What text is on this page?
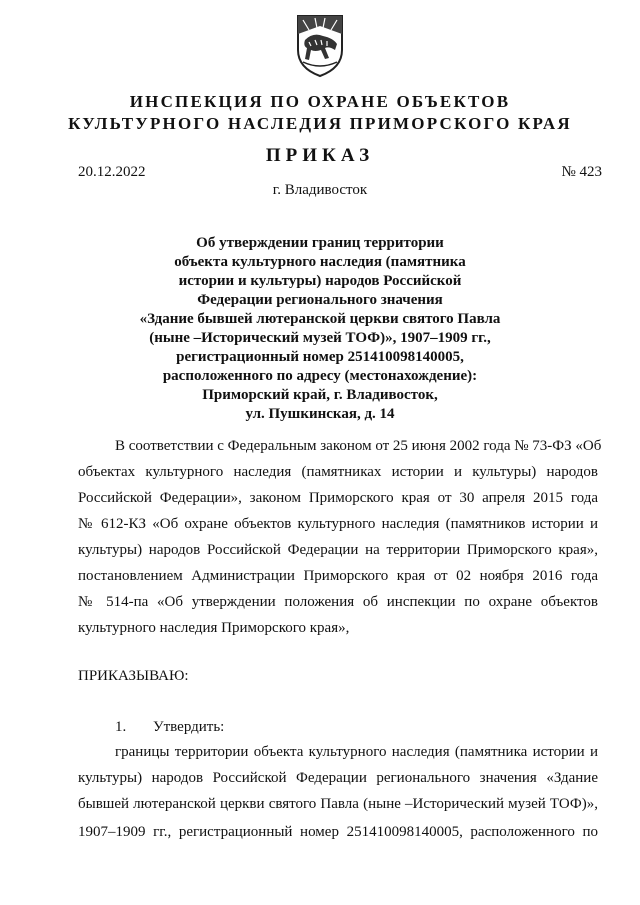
ИНСПЕКЦИЯ ПО ОХРАНЕ ОБЪЕКТОВ
КУЛЬТУРНОГО НАСЛЕДИЯ ПРИМОРСКОГО КРАЯ
ПРИКАЗ
20.12.2022	№ 423
г. Владивосток
Об утверждении границ территории
объекта культурного наследия (памятника
истории и культуры) народов Российской
Федерации регионального значения
«Здание бывшей лютеранской церкви святого Павла
(ныне –Исторический музей ТОФ)», 1907–1909 гг.,
регистрационный номер 251410098140005,
расположенного по адресу (местонахождение):
Приморский край, г. Владивосток,
ул. Пушкинская, д. 14
В соответствии с Федеральным законом от 25 июня 2002 года № 73-ФЗ «Об
объектах культурного наследия (памятниках истории и культуры) народов
Российской Федерации», законом Приморского края от 30 апреля 2015 года
№ 612-КЗ «Об охране объектов культурного наследия (памятников истории и
культуры) народов Российской Федерации на территории Приморского края»,
постановлением Администрации Приморского края от 02 ноября 2016 года
№ 514-па «Об утверждении положения об инспекции по охране объектов
культурного наследия Приморского края»,
ПРИКАЗЫВАЮ:
1. Утвердить:
границы территории объекта культурного наследия (памятника истории и
культуры) народов Российской Федерации регионального значения «Здание
бывшей лютеранской церкви святого Павла (ныне –Исторический музей ТОФ)»,
1907–1909 гг., регистрационный номер 251410098140005, расположенного по
